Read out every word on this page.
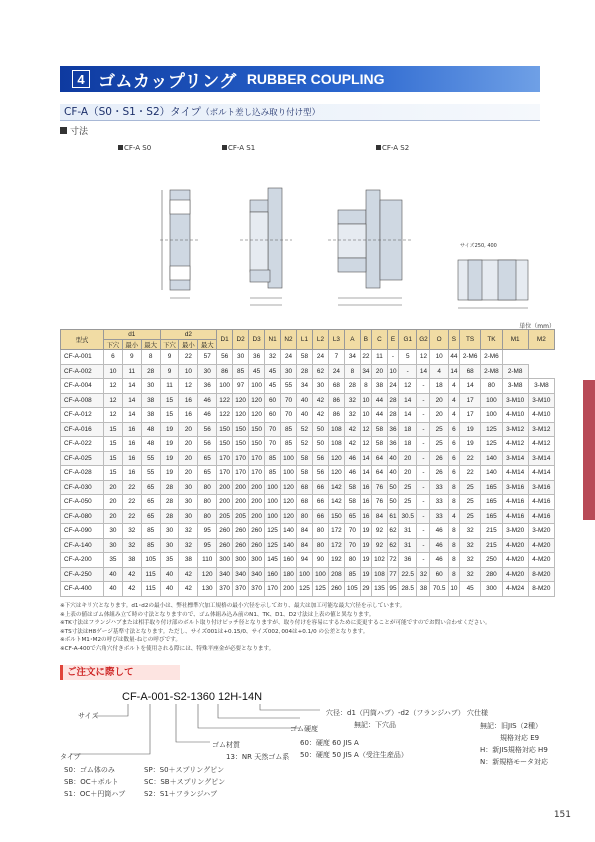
4 ゴムカップリング RUBBER COUPLING
CF-A（S0・S1・S2）タイプ（ボルト差し込み取り付け型）
寸法
CF-A S0	CF-A S1	CF-A S2
サイズ250, 400
単位（mm）
型式	d1			d2			D1	D2	D3	N1	N2	L1	L2	L3	A	B	C	E	G1	G2	O	S	TS	TK	M1	M2
	下穴	最小	最大	下穴	最小	最大																				
CF-A-001	6	9	8	9	22	57	56	30	36	32	24	58	24	7	34	22	11	-	5	12	10	44	2-M6	2-M6		
CF-A-002	10	11	28	9	10	30	86	85	45	45	30	28	62	24	8	34	20	10	-	14	4	14	68	2-M8	2-M8	
CF-A-004	12	14	30	11	12	36	100	97	100	45	55	34	30	68	28	8	38	24	12	-	18	4	14	80	3-M8	3-M8
CF-A-008	12	14	38	15	16	46	122	120	120	60	70	40	42	86	32	10	44	28	14	-	20	4	17	100	3-M10	3-M10
CF-A-012	12	14	38	15	16	46	122	120	120	60	70	40	42	86	32	10	44	28	14	-	20	4	17	100	4-M10	4-M10
CF-A-016	15	16	48	19	20	56	150	150	150	70	85	52	50	108	42	12	58	36	18	-	25	6	19	125	3-M12	3-M12
CF-A-022	15	16	48	19	20	56	150	150	150	70	85	52	50	108	42	12	58	36	18	-	25	6	19	125	4-M12	4-M12
CF-A-025	15	16	55	19	20	65	170	170	170	85	100	58	56	120	46	14	64	40	20	-	26	6	22	140	3-M14	3-M14
CF-A-028	15	16	55	19	20	65	170	170	170	85	100	58	56	120	46	14	64	40	20	-	26	6	22	140	4-M14	4-M14
CF-A-030	20	22	65	28	30	80	200	200	200	100	120	68	66	142	58	16	76	50	25	-	33	8	25	165	3-M16	3-M16
CF-A-050	20	22	65	28	30	80	200	200	200	100	120	68	66	142	58	16	76	50	25	-	33	8	25	165	4-M16	4-M16
CF-A-080	20	22	65	28	30	80	205	205	200	100	120	80	66	150	65	16	84	61	30.5	-	33	4	25	165	4-M16	4-M16
CF-A-090	30	32	85	30	32	95	260	260	260	125	140	84	80	172	70	19	92	62	31	-	46	8	32	215	3-M20	3-M20
CF-A-140	30	32	85	30	32	95	260	260	260	125	140	84	80	172	70	19	92	62	31	-	46	8	32	215	4-M20	4-M20
CF-A-200	35	38	105	35	38	110	300	300	300	145	160	94	90	192	80	19	102	72	36	-	46	8	32	250	4-M20	4-M20
CF-A-250	40	42	115	40	42	120	340	340	340	160	180	100	100	208	85	19	108	77	22.5	32	60	8	32	280	4-M20	8-M20
CF-A-400	40	42	115	40	42	130	370	370	370	170	200	125	125	260	105	29	135	95	28.5	38	70.5	10	45	300	4-M24	8-M20
※下穴はキリ穴となります。d1･d2の最小は、弊社標準穴加工規格の最小穴径を示しており、最大は加工可能な最大穴径を示しています。
※上表の値はゴム体組み立て時の寸法となりますので、ゴム体組み込み前のN1、TK、D1、D2寸法は上表の値と異なります。
※TK寸法はフランジハブまたは相手取り付け部のボルト取り付けピッチ径となりますが、取り付けを容易にするために変更することが可能ですのでお問い合わせください。
※TS寸法はH8ゲージ基準寸法となります。ただし、サイズ001は+0.15/0、サイズ002､004は+0.1/0 の公差となります。
※ボルトM1･M2の呼びは数量-ねじの呼びです。
※CF-A-400で六角穴付きボルトを使用される際には、特殊平座金が必要となります。
ご注文に際して
CF-A-001-S2-1360 12H-14N
サイズ
タイプ
S0：ゴム体のみ	SP：S0＋スプリングピン
SB：OC＋ボルト	SC：SB＋スプリングピン
S1：OC＋円筒ハブ	S2：S1＋フランジハブ
ゴム材質
13：NR 天然ゴム系
ゴム硬度
60：硬度 60 JIS A
50：硬度 50 JIS A（受注生産品）
穴径：d1（円筒ハブ）-d2（フランジハブ） 穴仕様
無記：下穴品	無記：旧JIS（2種）
規格対応 E9
H：新JIS規格対応 H9
N：新規格モータ対応
151
